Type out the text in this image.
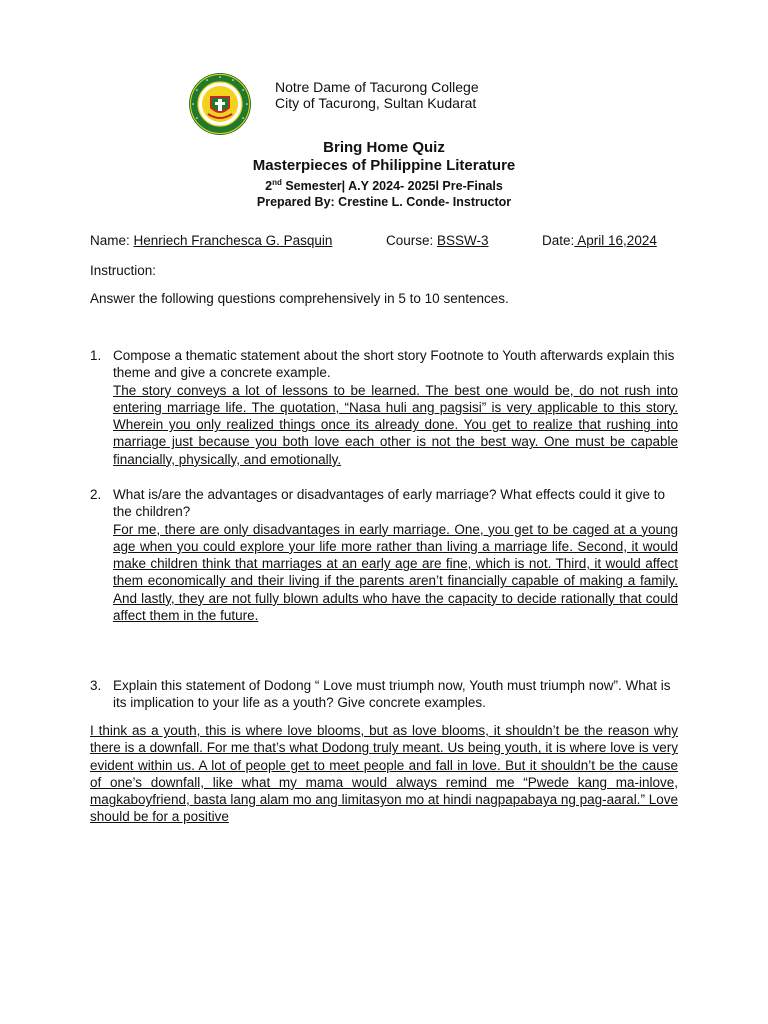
Notre Dame of Tacurong College
City of Tacurong, Sultan Kudarat
Bring Home Quiz
Masterpieces of Philippine Literature
2nd Semester| A.Y 2024- 2025l Pre-Finals
Prepared By: Crestine L. Conde- Instructor
Name: Henriech Franchesca G. Pasquin	Course: BSSW-3	Date: April 16,2024
Instruction:
Answer the following questions comprehensively in 5 to 10 sentences.
1. Compose a thematic statement about the short story Footnote to Youth afterwards explain this theme and give a concrete example.
The story conveys a lot of lessons to be learned. The best one would be, do not rush into entering marriage life. The quotation, “Nasa huli ang pagsisi” is very applicable to this story. Wherein you only realized things once its already done. You get to realize that rushing into marriage just because you both love each other is not the best way. One must be capable financially, physically, and emotionally.
2. What is/are the advantages or disadvantages of early marriage? What effects could it give to the children?
For me, there are only disadvantages in early marriage. One, you get to be caged at a young age when you could explore your life more rather than living a marriage life. Second, it would make children think that marriages at an early age are fine, which is not. Third, it would affect them economically and their living if the parents aren’t financially capable of making a family. And lastly, they are not fully blown adults who have the capacity to decide rationally that could affect them in the future.
3. Explain this statement of Dodong “ Love must triumph now, Youth must triumph now”. What is its implication to your life as a youth? Give concrete examples.
I think as a youth, this is where love blooms, but as love blooms, it shouldn’t be the reason why there is a downfall. For me that’s what Dodong truly meant. Us being youth, it is where love is very evident within us. A lot of people get to meet people and fall in love. But it shouldn’t be the cause of one’s downfall, like what my mama would always remind me “Pwede kang ma-inlove, magkaboyfriend, basta lang alam mo ang limitasyon mo at hindi nagpapabaya ng pag-aaral.” Love should be for a positive
